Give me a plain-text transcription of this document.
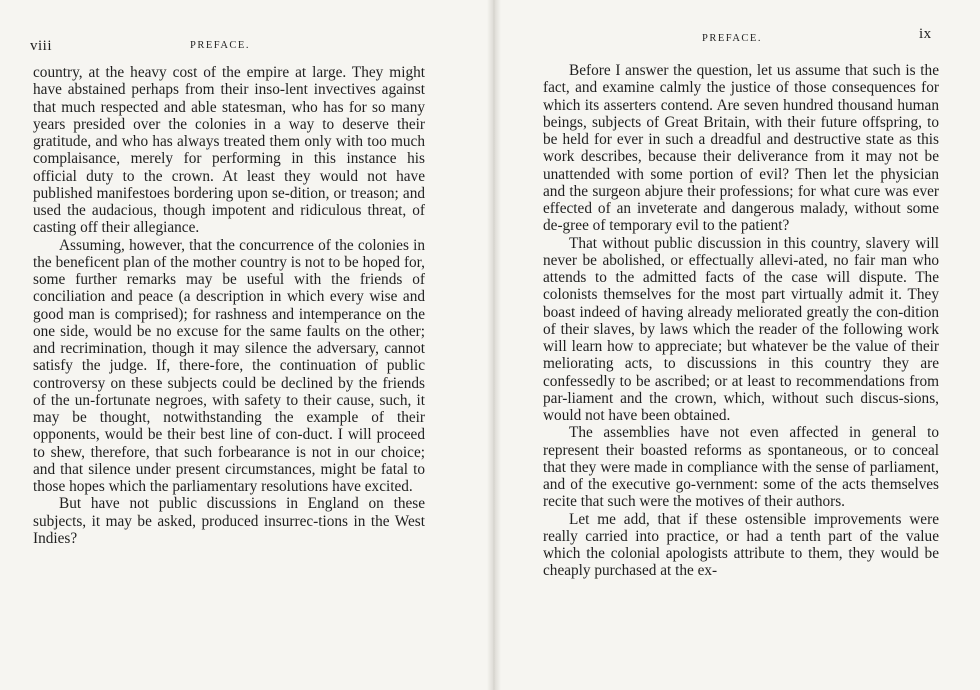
viii	PREFACE.

country, at the heavy cost of the empire at large. They might have abstained perhaps from their inso-lent invectives against that much respected and able statesman, who has for so many years presided over the colonies in a way to deserve their gratitude, and who has always treated them only with too much complaisance, merely for performing in this instance his official duty to the crown. At least they would not have published manifestoes bordering upon se-dition, or treason; and used the audacious, though impotent and ridiculous threat, of casting off their allegiance.

Assuming, however, that the concurrence of the colonies in the beneficent plan of the mother country is not to be hoped for, some further remarks may be useful with the friends of conciliation and peace (a description in which every wise and good man is comprised); for rashness and intemperance on the one side, would be no excuse for the same faults on the other; and recrimination, though it may silence the adversary, cannot satisfy the judge. If, there-fore, the continuation of public controversy on these subjects could be declined by the friends of the un-fortunate negroes, with safety to their cause, such, it may be thought, notwithstanding the example of their opponents, would be their best line of con-duct. I will proceed to shew, therefore, that such forbearance is not in our choice; and that silence under present circumstances, might be fatal to those hopes which the parliamentary resolutions have excited.

But have not public discussions in England on these subjects, it may be asked, produced insurrec-tions in the West Indies?

PREFACE.	ix

Before I answer the question, let us assume that such is the fact, and examine calmly the justice of those consequences for which its asserters contend. Are seven hundred thousand human beings, subjects of Great Britain, with their future offspring, to be held for ever in such a dreadful and destructive state as this work describes, because their deliverance from it may not be unattended with some portion of evil? Then let the physician and the surgeon abjure their professions; for what cure was ever effected of an inveterate and dangerous malady, without some de-gree of temporary evil to the patient?

That without public discussion in this country, slavery will never be abolished, or effectually allevi-ated, no fair man who attends to the admitted facts of the case will dispute. The colonists themselves for the most part virtually admit it. They boast indeed of having already meliorated greatly the con-dition of their slaves, by laws which the reader of the following work will learn how to appreciate; but whatever be the value of their meliorating acts, to discussions in this country they are confessedly to be ascribed; or at least to recommendations from par-liament and the crown, which, without such discus-sions, would not have been obtained.

The assemblies have not even affected in general to represent their boasted reforms as spontaneous, or to conceal that they were made in compliance with the sense of parliament, and of the executive go-vernment: some of the acts themselves recite that such were the motives of their authors.

Let me add, that if these ostensible improvements were really carried into practice, or had a tenth part of the value which the colonial apologists attribute to them, they would be cheaply purchased at the ex-
